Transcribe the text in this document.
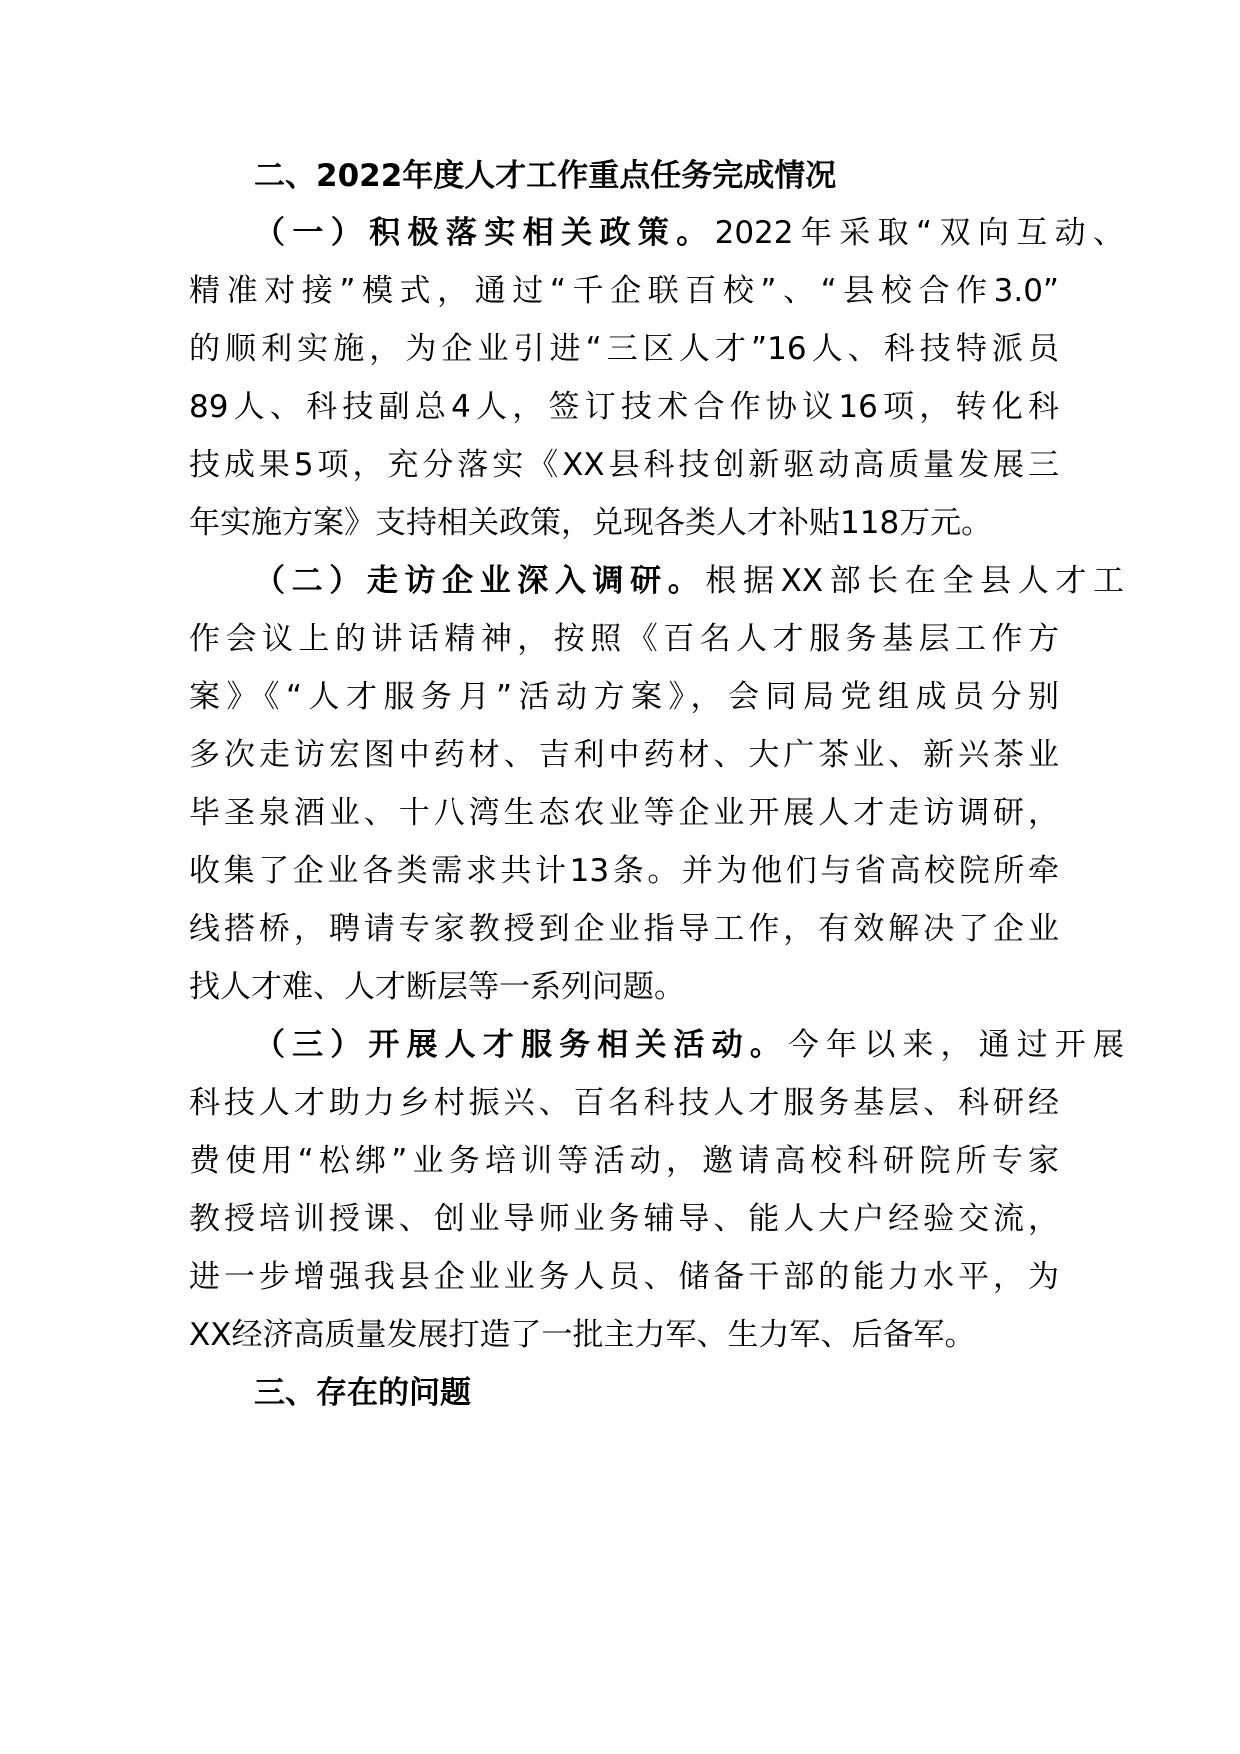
二、2022年度人才工作重点任务完成情况
（一）积极落实相关政策。2022年采取“双向互动、
精准对接”模式，通过“千企联百校”、“县校合作3.0”
的顺利实施，为企业引进“三区人才”16人、科技特派员
89人、科技副总4人，签订技术合作协议16项，转化科
技成果5项，充分落实《XX县科技创新驱动高质量发展三
年实施方案》支持相关政策，兑现各类人才补贴118万元。
（二）走访企业深入调研。根据XX部长在全县人才工
作会议上的讲话精神，按照《百名人才服务基层工作方
案》《“人才服务月”活动方案》，会同局党组成员分别
多次走访宏图中药材、吉利中药材、大广茶业、新兴茶业
毕圣泉酒业、十八湾生态农业等企业开展人才走访调研，
收集了企业各类需求共计13条。并为他们与省高校院所牵
线搭桥，聘请专家教授到企业指导工作，有效解决了企业
找人才难、人才断层等一系列问题。
（三）开展人才服务相关活动。今年以来，通过开展
科技人才助力乡村振兴、百名科技人才服务基层、科研经
费使用“松绑”业务培训等活动，邀请高校科研院所专家
教授培训授课、创业导师业务辅导、能人大户经验交流，
进一步增强我县企业业务人员、储备干部的能力水平，为
XX经济高质量发展打造了一批主力军、生力军、后备军。
三、存在的问题
